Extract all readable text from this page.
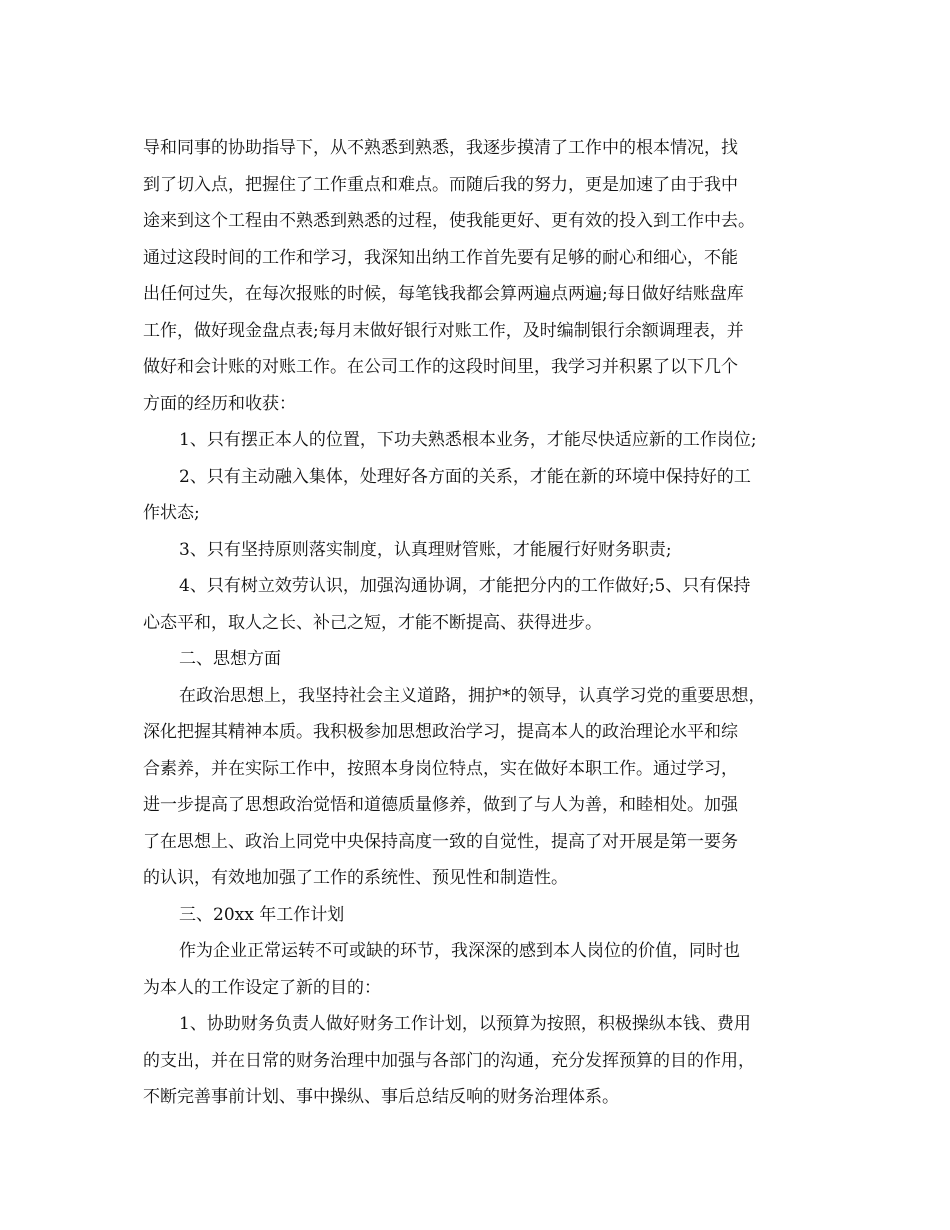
导和同事的协助指导下，从不熟悉到熟悉，我逐步摸清了工作中的根本情况，找
到了切入点，把握住了工作重点和难点。而随后我的努力，更是加速了由于我中
途来到这个工程由不熟悉到熟悉的过程，使我能更好、更有效的投入到工作中去。
通过这段时间的工作和学习，我深知出纳工作首先要有足够的耐心和细心，不能
出任何过失，在每次报账的时候，每笔钱我都会算两遍点两遍;每日做好结账盘库
工作，做好现金盘点表;每月末做好银行对账工作，及时编制银行余额调理表，并
做好和会计账的对账工作。在公司工作的这段时间里，我学习并积累了以下几个
方面的经历和收获：
1、只有摆正本人的位置，下功夫熟悉根本业务，才能尽快适应新的工作岗位;
2、只有主动融入集体，处理好各方面的关系，才能在新的环境中保持好的工
作状态;
3、只有坚持原则落实制度，认真理财管账，才能履行好财务职责;
4、只有树立效劳认识，加强沟通协调，才能把分内的工作做好;5、只有保持
心态平和，取人之长、补己之短，才能不断提高、获得进步。
二、思想方面
在政治思想上，我坚持社会主义道路，拥护*的领导，认真学习党的重要思想，
深化把握其精神本质。我积极参加思想政治学习，提高本人的政治理论水平和综
合素养，并在实际工作中，按照本身岗位特点，实在做好本职工作。通过学习，
进一步提高了思想政治觉悟和道德质量修养，做到了与人为善，和睦相处。加强
了在思想上、政治上同党中央保持高度一致的自觉性，提高了对开展是第一要务
的认识，有效地加强了工作的系统性、预见性和制造性。
三、20xx 年工作计划
作为企业正常运转不可或缺的环节，我深深的感到本人岗位的价值，同时也
为本人的工作设定了新的目的：
1、协助财务负责人做好财务工作计划，以预算为按照，积极操纵本钱、费用
的支出，并在日常的财务治理中加强与各部门的沟通，充分发挥预算的目的作用，
不断完善事前计划、事中操纵、事后总结反响的财务治理体系。
